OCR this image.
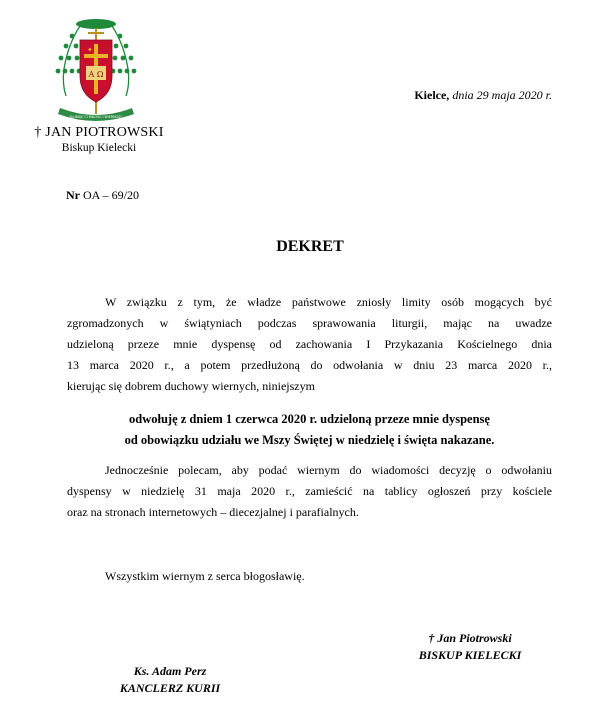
✦
Α Ω
ŚLUBUJĘ CI MIŁOŚĆ I WIERNOŚĆ
† JAN PIOTROWSKI
Biskup Kielecki
Kielce, dnia 29 maja 2020 r.
Nr OA – 69/20
DEKRET
W związku z tym, że władze państwowe zniosły limity osób mogących być
zgromadzonych w świątyniach podczas sprawowania liturgii, mając na uwadze
udzieloną przeze mnie dyspensę od zachowania I Przykazania Kościelnego dnia
13 marca 2020 r., a potem przedłużoną do odwołania w dniu 23 marca 2020 r.,
kierując się dobrem duchowy wiernych, niniejszym
odwołuję z dniem 1 czerwca 2020 r. udzieloną przeze mnie dyspensę
od obowiązku udziału we Mszy Świętej w niedzielę i święta nakazane.
Jednocześnie polecam, aby podać wiernym do wiadomości decyzję o odwołaniu
dyspensy w niedzielę 31 maja 2020 r., zamieścić na tablicy ogłoszeń przy kościele
oraz na stronach internetowych – diecezjalnej i parafialnych.
Wszystkim wiernym z serca błogosławię.
† Jan Piotrowski
BISKUP KIELECKI
Ks. Adam Perz
KANCLERZ KURII
